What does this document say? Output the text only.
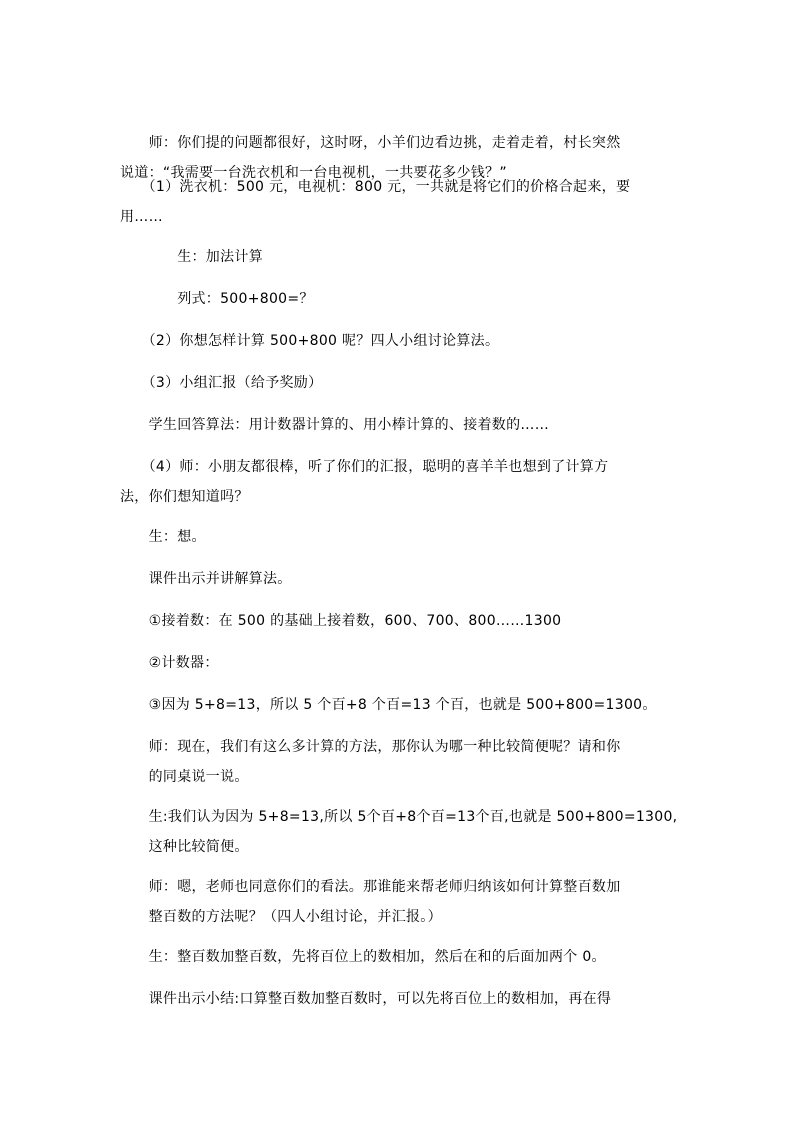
　　师：你们提的问题都很好，这时呀，小羊们边看边挑，走着走着，村长突然
说道：“我需要一台洗衣机和一台电视机，一共要花多少钱？”
　　（1）洗衣机：500 元，电视机：800 元，一共就是将它们的价格合起来，要
用……
　　　　生：加法计算
　　　　列式：500+800=？
　　（2）你想怎样计算 500+800 呢？四人小组讨论算法。
　　（3）小组汇报（给予奖励）
　　学生回答算法：用计数器计算的、用小棒计算的、接着数的……
　　（4）师：小朋友都很棒，听了你们的汇报，聪明的喜羊羊也想到了计算方
法，你们想知道吗？
　　生：想。
　　课件出示并讲解算法。
　　①接着数：在 500 的基础上接着数，600、700、800……1300
　　②计数器：
　　③因为 5+8=13，所以 5 个百+8 个百=13 个百，也就是 500+800=1300。
　　师：现在，我们有这么多计算的方法，那你认为哪一种比较简便呢？请和你
　　的同桌说一说。
　　生:我们认为因为 5+8=13,所以 5个百+8个百=13个百,也就是 500+800=1300,
　　这种比较简便。
　　师：嗯，老师也同意你们的看法。那谁能来帮老师归纳该如何计算整百数加
　　整百数的方法呢？（四人小组讨论，并汇报。）
　　生：整百数加整百数，先将百位上的数相加，然后在和的后面加两个 0。
　　课件出示小结:口算整百数加整百数时，可以先将百位上的数相加，再在得
